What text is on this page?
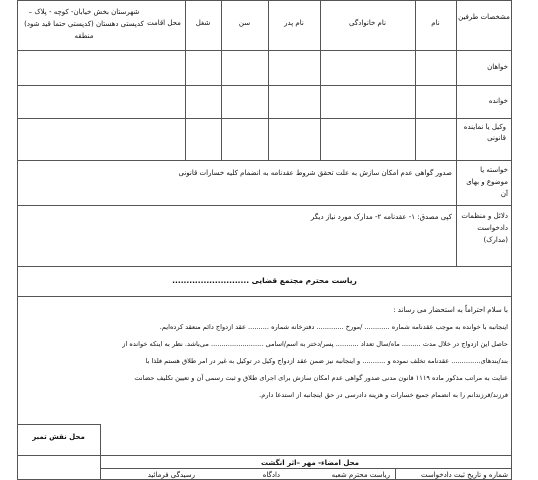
مشخصات طرفین
نام
نام خانوادگی
نام پدر
سن
شغل
محل اقامت
شهرستان بخش خیابان- کوچه - پلاک – کدپستی دهستان (کدپستی حتما قید شود) منطقه
خواهان
خوانده
وکیل یا نماینده قانونی
خواسته یا موضوع و بهای آن
صدور گواهی عدم امکان سازش به علت تحقق شروط عقدنامه به انضمام کلیه خسارات قانونی
دلائل و منظمات دادخواست (مدارک)
کپی مصدق: ۱- عقدنامه ۲- مدارک مورد نیاز دیگر
ریاست محترم مجتمع قضایی ...........................
با سلام احتراماً به استحضار می رساند :
اینجانبه با خوانده به موجب عقدنامه شماره ............ /مورخ ............. دفترخانه شماره .......... عقد ازدواج دائم منعقد کرده‌ایم.
حاصل این ازدواج در خلال مدت ......... ماه/سال تعداد ........... پسر/دختر به اسم/اسامی ......................... می‌باشد. نظر به اینکه خوانده از
بند/بندهای.............. عقدنامه تخلف نموده و ........... و اینجانبه نیز ضمن عقد ازدواج وکیل در توکیل به غیر در امر طلاق هستم فلذا با
عنایت به مراتب مذکور ماده ۱۱۱۹ قانون مدنی صدور گواهی عدم امکان سازش برای اجرای طلاق و ثبت رسمی آن و تعیین تکلیف حضانت
فرزند/فرزندانم را به انضمام جمیع خسارات و هزینه دادرسی در حق اینجانبه از استدعا دارم.
محل نقش تمبر
محل امضاء- مهر –اثر انگشت
شماره و تاریخ ثبت دادخواست
ریاست محترم شعبه
دادگاه
رسیدگی فرمائید
